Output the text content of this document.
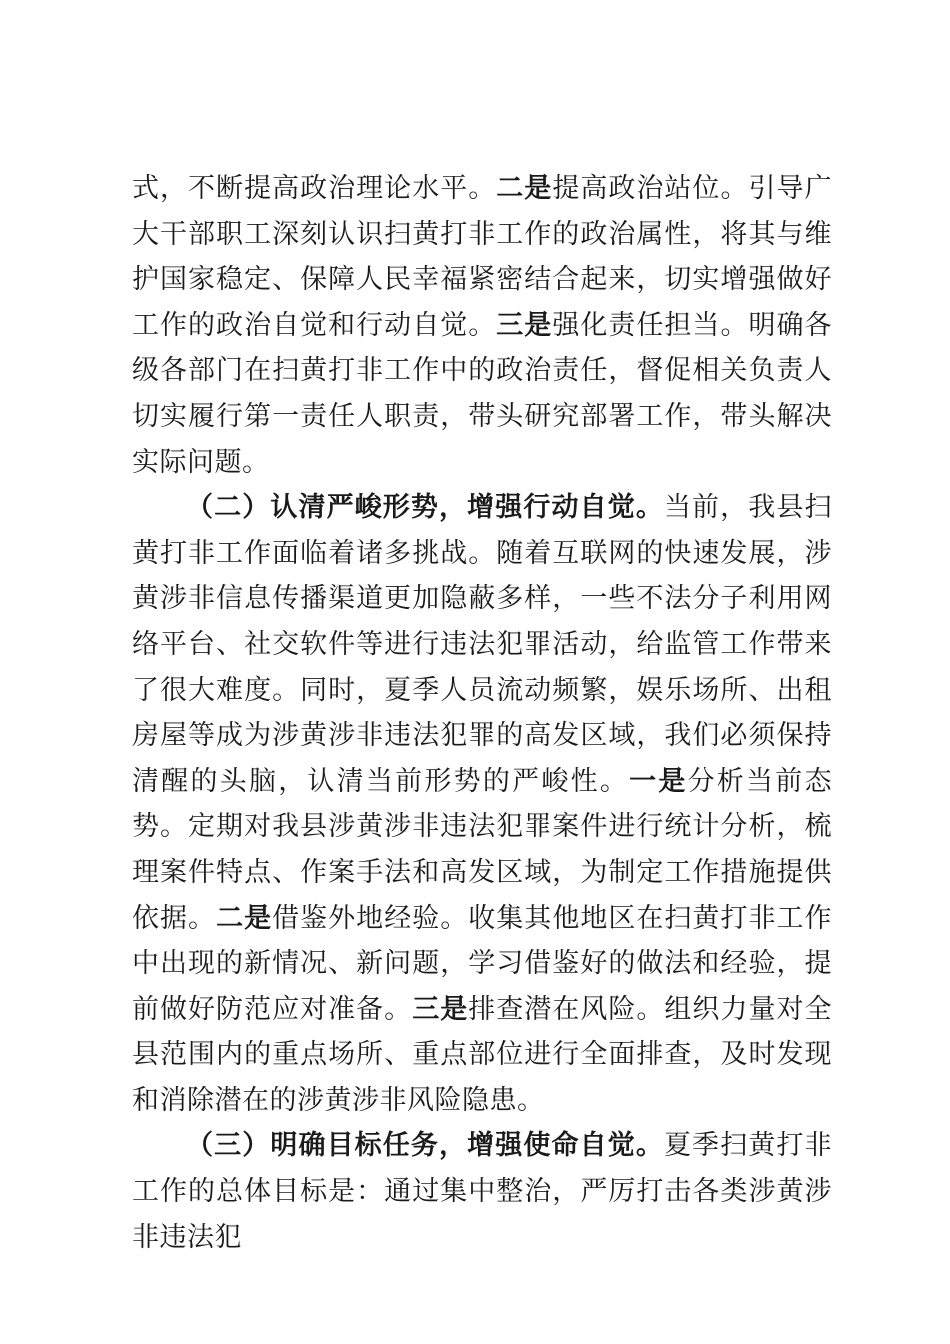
式，不断提高政治理论水平。二是提高政治站位。引导广大干部职工深刻认识扫黄打非工作的政治属性，将其与维护国家稳定、保障人民幸福紧密结合起来，切实增强做好工作的政治自觉和行动自觉。三是强化责任担当。明确各级各部门在扫黄打非工作中的政治责任，督促相关负责人切实履行第一责任人职责，带头研究部署工作，带头解决实际问题。

（二）认清严峻形势，增强行动自觉。当前，我县扫黄打非工作面临着诸多挑战。随着互联网的快速发展，涉黄涉非信息传播渠道更加隐蔽多样，一些不法分子利用网络平台、社交软件等进行违法犯罪活动，给监管工作带来了很大难度。同时，夏季人员流动频繁，娱乐场所、出租房屋等成为涉黄涉非违法犯罪的高发区域，我们必须保持清醒的头脑，认清当前形势的严峻性。一是分析当前态势。定期对我县涉黄涉非违法犯罪案件进行统计分析，梳理案件特点、作案手法和高发区域，为制定工作措施提供依据。二是借鉴外地经验。收集其他地区在扫黄打非工作中出现的新情况、新问题，学习借鉴好的做法和经验，提前做好防范应对准备。三是排查潜在风险。组织力量对全县范围内的重点场所、重点部位进行全面排查，及时发现和消除潜在的涉黄涉非风险隐患。

（三）明确目标任务，增强使命自觉。夏季扫黄打非工作的总体目标是：通过集中整治，严厉打击各类涉黄涉非违法犯
